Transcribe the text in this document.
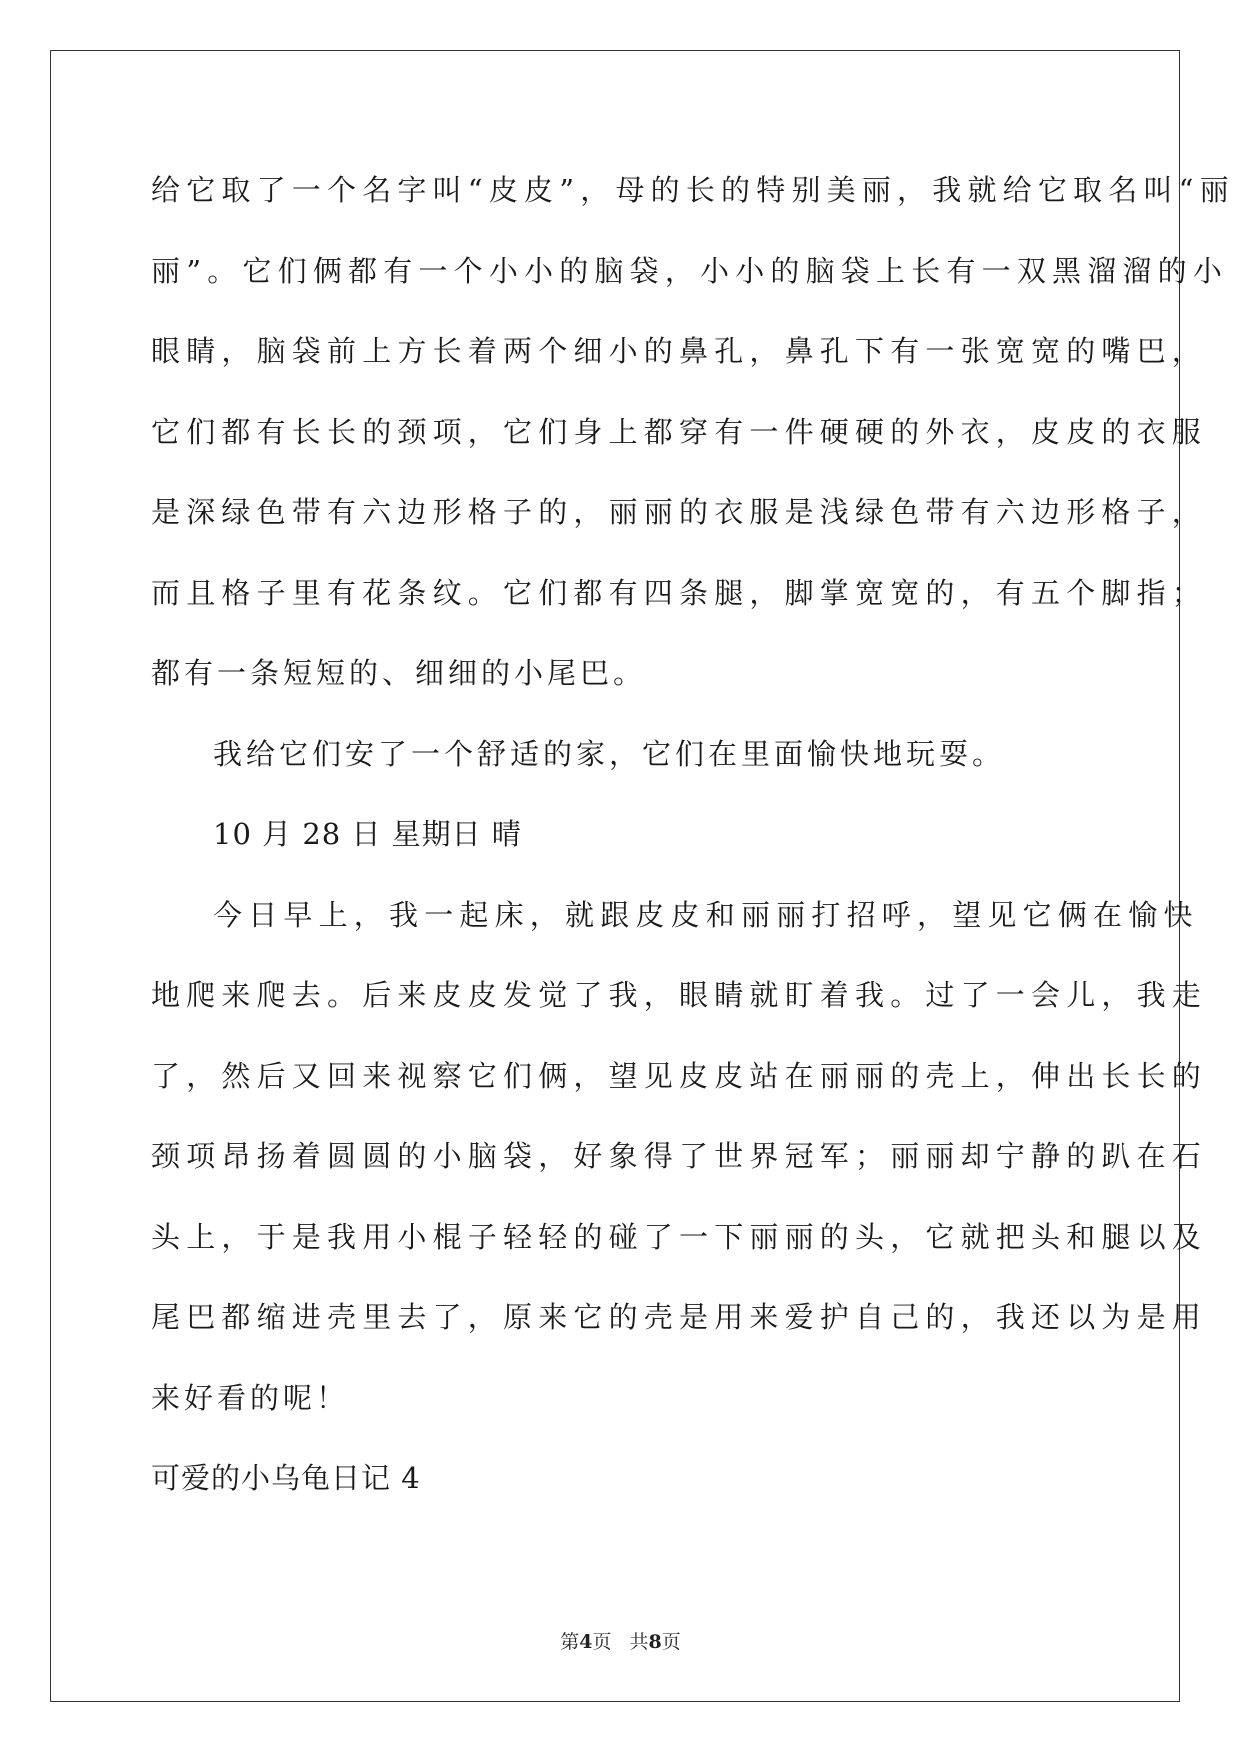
给它取了一个名字叫“皮皮”，母的长的特别美丽，我就给它取名叫“丽
丽”。它们俩都有一个小小的脑袋，小小的脑袋上长有一双黑溜溜的小
眼睛，脑袋前上方长着两个细小的鼻孔，鼻孔下有一张宽宽的嘴巴，
它们都有长长的颈项，它们身上都穿有一件硬硬的外衣，皮皮的衣服
是深绿色带有六边形格子的，丽丽的衣服是浅绿色带有六边形格子，
而且格子里有花条纹。它们都有四条腿，脚掌宽宽的，有五个脚指；
都有一条短短的、细细的小尾巴。
我给它们安了一个舒适的家，它们在里面愉快地玩耍。
10 月 28 日 星期日 晴
今日早上，我一起床，就跟皮皮和丽丽打招呼，望见它俩在愉快
地爬来爬去。后来皮皮发觉了我，眼睛就盯着我。过了一会儿，我走
了，然后又回来视察它们俩，望见皮皮站在丽丽的壳上，伸出长长的
颈项昂扬着圆圆的小脑袋，好象得了世界冠军；丽丽却宁静的趴在石
头上，于是我用小棍子轻轻的碰了一下丽丽的头，它就把头和腿以及
尾巴都缩进壳里去了，原来它的壳是用来爱护自己的，我还以为是用
来好看的呢！
可爱的小乌龟日记 4
第4页 共8页
